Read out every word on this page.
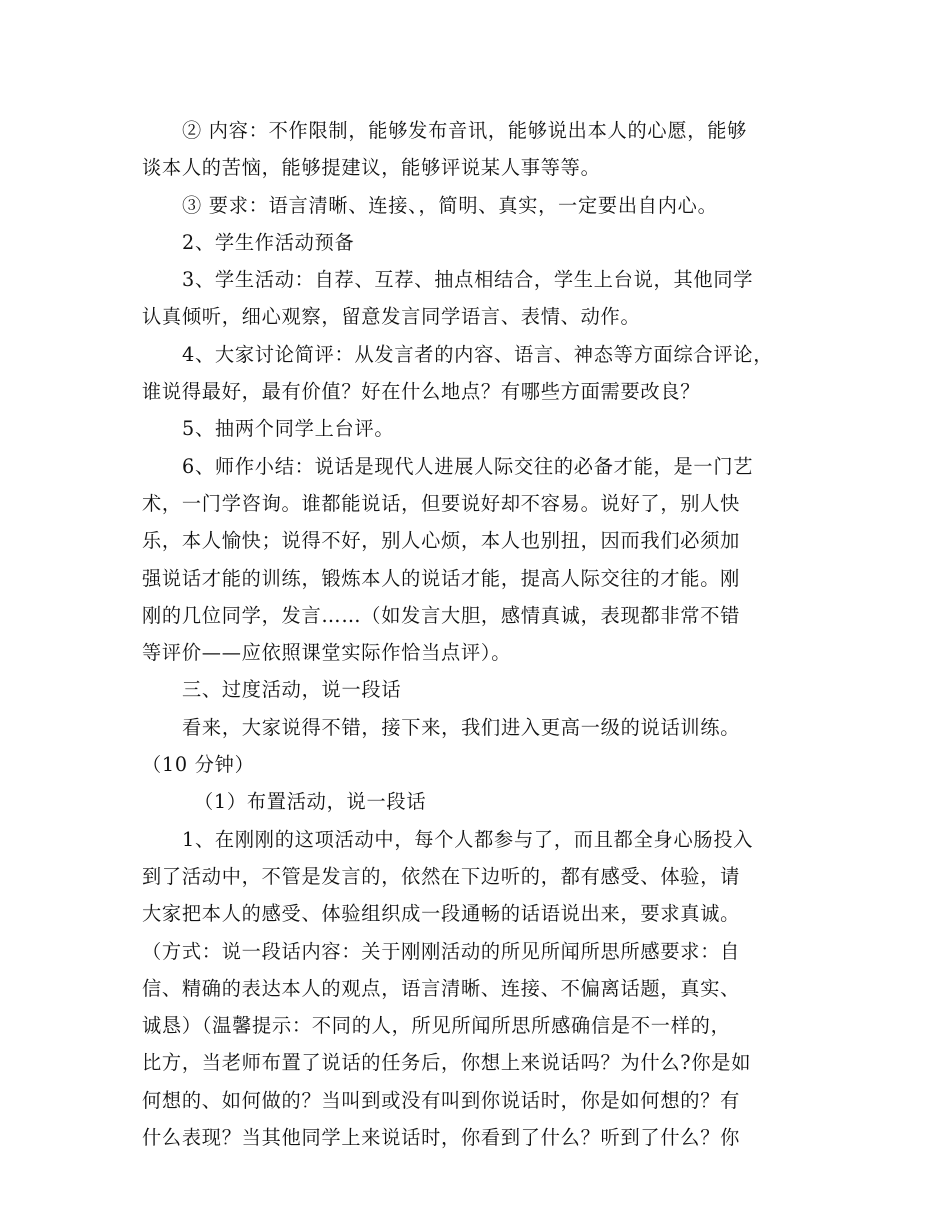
② 内容：不作限制，能够发布音讯，能够说出本人的心愿，能够
谈本人的苦恼，能够提建议，能够评说某人事等等。
③ 要求：语言清晰、连接、，简明、真实，一定要出自内心。
2、学生作活动预备
3、学生活动：自荐、互荐、抽点相结合，学生上台说，其他同学
认真倾听，细心观察，留意发言同学语言、表情、动作。
4、大家讨论简评：从发言者的内容、语言、神态等方面综合评论，
谁说得最好，最有价值？好在什么地点？有哪些方面需要改良？
5、抽两个同学上台评。
6、师作小结：说话是现代人进展人际交往的必备才能，是一门艺
术，一门学咨询。谁都能说话，但要说好却不容易。说好了，别人快
乐，本人愉快；说得不好，别人心烦，本人也别扭，因而我们必须加
强说话才能的训练，锻炼本人的说话才能，提高人际交往的才能。刚
刚的几位同学，发言……（如发言大胆，感情真诚，表现都非常不错
等评价——应依照课堂实际作恰当点评）。
三、过度活动，说一段话
看来，大家说得不错，接下来，我们进入更高一级的说话训练。
（10 分钟）
（1）布置活动，说一段话
1、在刚刚的这项活动中，每个人都参与了，而且都全身心肠投入
到了活动中，不管是发言的，依然在下边听的，都有感受、体验，请
大家把本人的感受、体验组织成一段通畅的话语说出来，要求真诚。
（方式：说一段话内容：关于刚刚活动的所见所闻所思所感要求：自
信、精确的表达本人的观点，语言清晰、连接、不偏离话题，真实、
诚恳）（温馨提示：不同的人，所见所闻所思所感确信是不一样的，
比方，当老师布置了说话的任务后，你想上来说话吗？为什么?你是如
何想的、如何做的？当叫到或没有叫到你说话时，你是如何想的？有
什么表现？当其他同学上来说话时，你看到了什么？听到了什么？你
